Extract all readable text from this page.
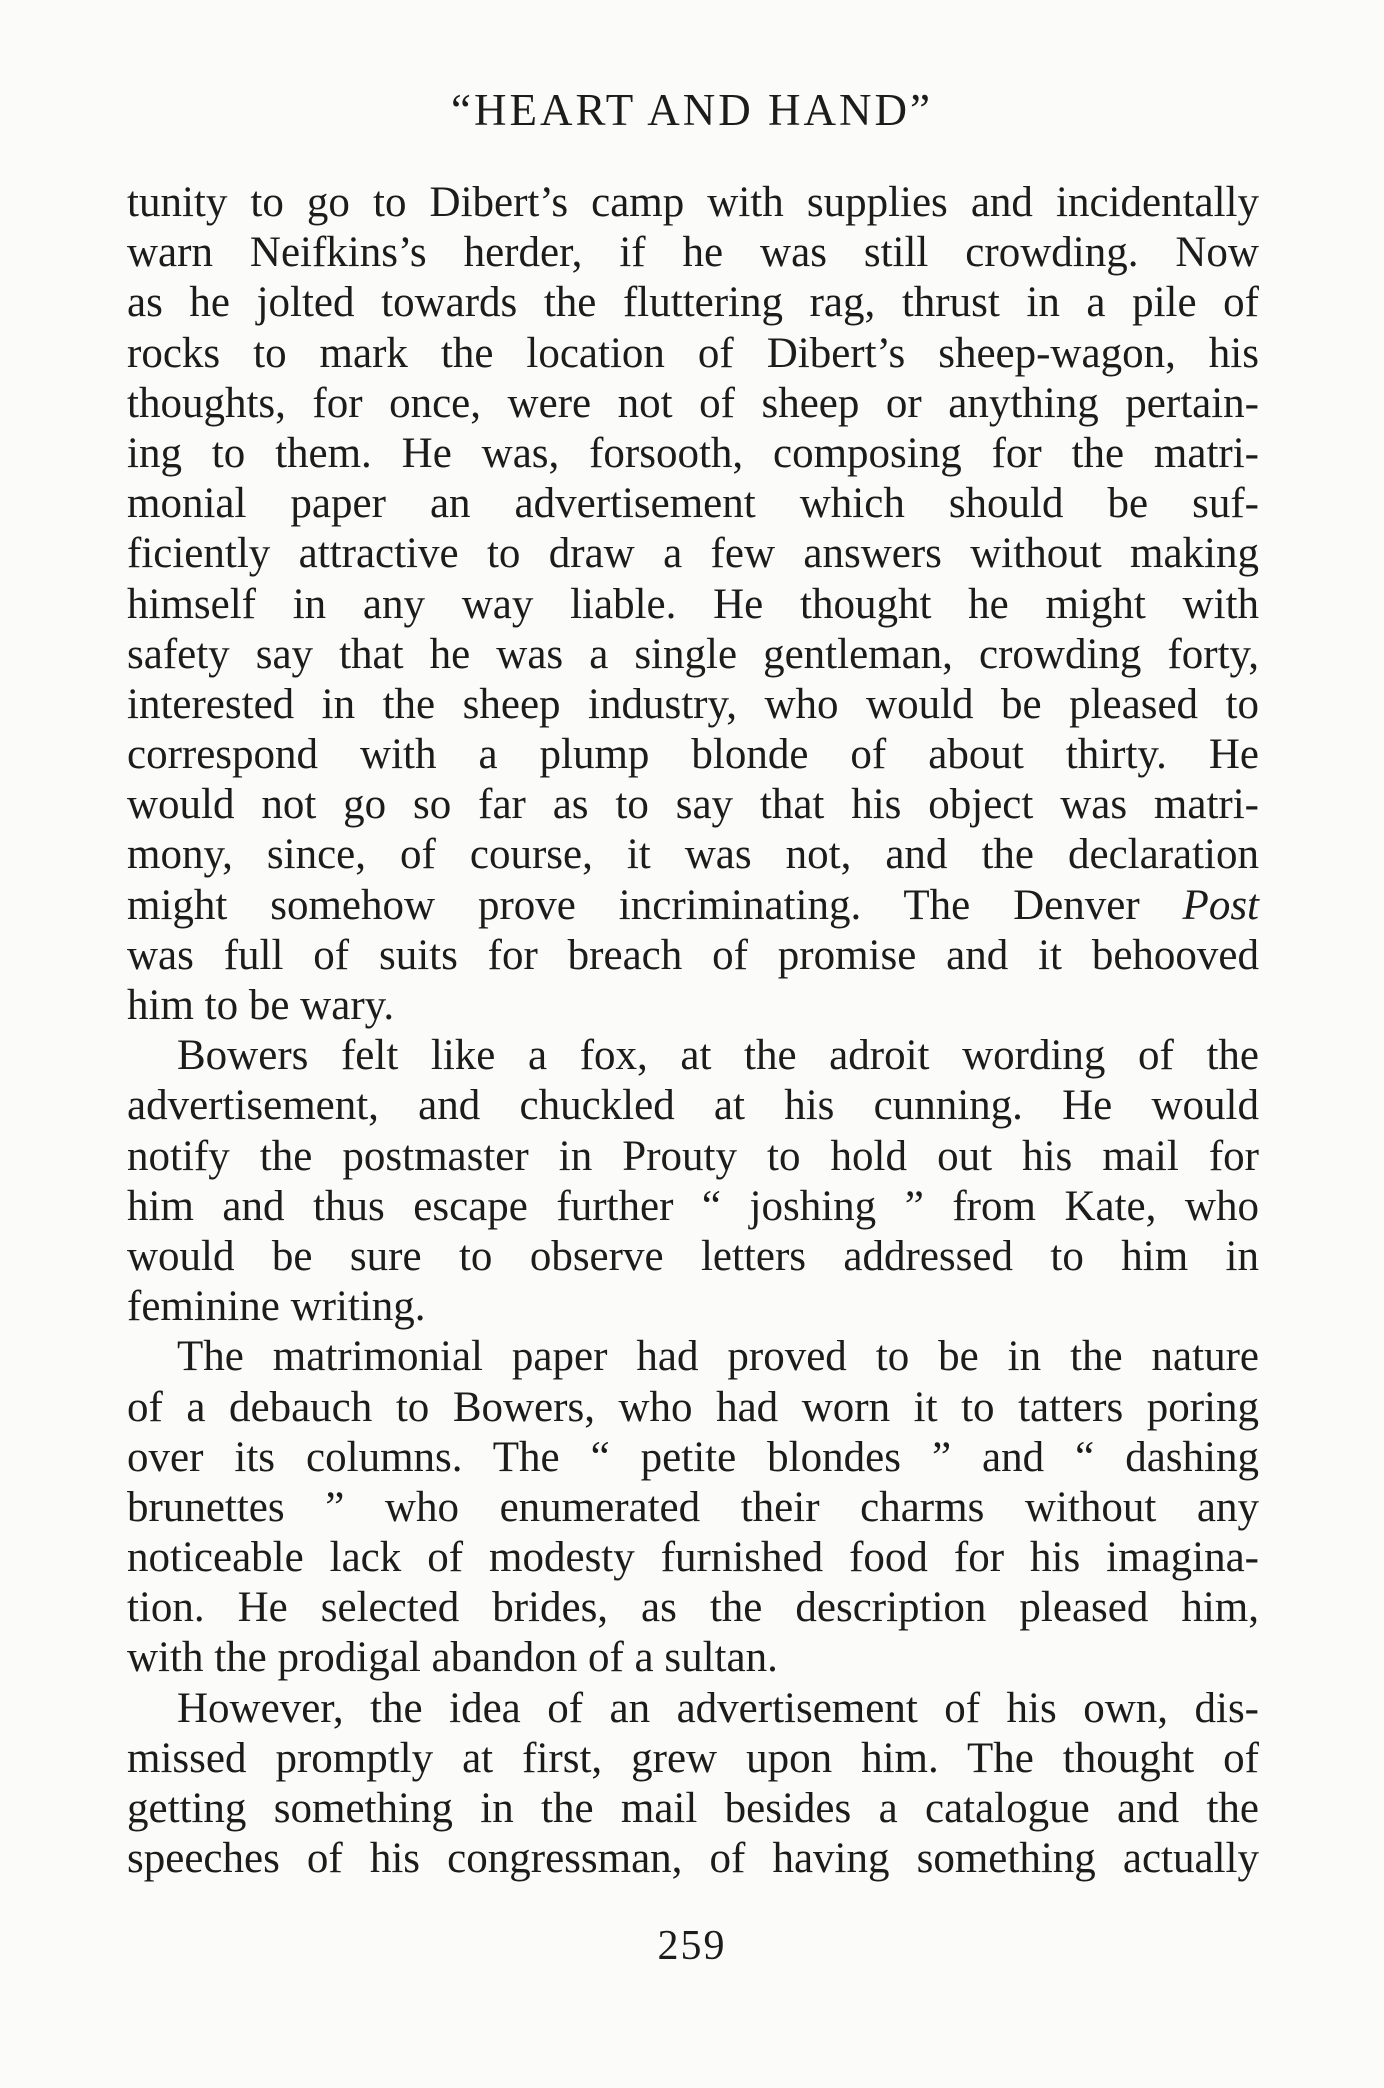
“HEART AND HAND”
tunity to go to Dibert’s camp with supplies and incidentally
warn Neifkins’s herder, if he was still crowding. Now
as he jolted towards the fluttering rag, thrust in a pile of
rocks to mark the location of Dibert’s sheep-wagon, his
thoughts, for once, were not of sheep or anything pertain-
ing to them. He was, forsooth, composing for the matri-
monial paper an advertisement which should be suf-
ficiently attractive to draw a few answers without making
himself in any way liable. He thought he might with
safety say that he was a single gentleman, crowding forty,
interested in the sheep industry, who would be pleased to
correspond with a plump blonde of about thirty. He
would not go so far as to say that his object was matri-
mony, since, of course, it was not, and the declaration
might somehow prove incriminating. The Denver Post
was full of suits for breach of promise and it behooved
him to be wary.
Bowers felt like a fox, at the adroit wording of the
advertisement, and chuckled at his cunning. He would
notify the postmaster in Prouty to hold out his mail for
him and thus escape further “ joshing ” from Kate, who
would be sure to observe letters addressed to him in
feminine writing.
The matrimonial paper had proved to be in the nature
of a debauch to Bowers, who had worn it to tatters poring
over its columns. The “ petite blondes ” and “ dashing
brunettes ” who enumerated their charms without any
noticeable lack of modesty furnished food for his imagina-
tion. He selected brides, as the description pleased him,
with the prodigal abandon of a sultan.
However, the idea of an advertisement of his own, dis-
missed promptly at first, grew upon him. The thought of
getting something in the mail besides a catalogue and the
speeches of his congressman, of having something actually
259
